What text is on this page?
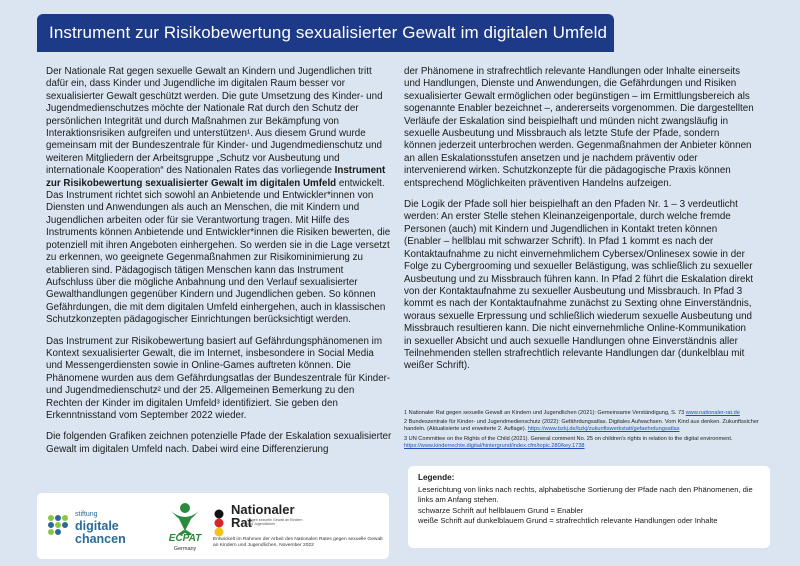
Instrument zur Risikobewertung sexualisierter Gewalt im digitalen Umfeld

Der Nationale Rat gegen sexuelle Gewalt an Kindern und Jugendlichen tritt dafür ein, dass Kinder und Jugendliche im digitalen Raum besser vor sexualisierter Gewalt geschützt werden. Die gute Umsetzung des Kinder- und Jugendmedienschutzes möchte der Nationale Rat durch den Schutz der persönlichen Integrität und durch Maßnahmen zur Bekämpfung von Interaktionsrisiken aufgreifen und unterstützen¹. Aus diesem Grund wurde gemeinsam mit der Bundeszentrale für Kinder- und Jugendmedienschutz und weiteren Mitgliedern der Arbeitsgruppe „Schutz vor Ausbeutung und internationale Kooperation“ des Nationalen Rates das vorliegende Instrument zur Risikobewertung sexualisierter Gewalt im digitalen Umfeld entwickelt. Das Instrument richtet sich sowohl an Anbietende und Entwickler*innen von Diensten und Anwendungen als auch an Menschen, die mit Kindern und Jugendlichen arbeiten oder für sie Verantwortung tragen. Mit Hilfe des Instruments können Anbietende und Entwickler*innen die Risiken bewerten, die potenziell mit ihren Angeboten einhergehen. So werden sie in die Lage versetzt zu erkennen, wo geeignete Gegenmaßnahmen zur Risikominimierung zu etablieren sind. Pädagogisch tätigen Menschen kann das Instrument Aufschluss über die mögliche Anbahnung und den Verlauf sexualisierter Gewalthandlungen gegenüber Kindern und Jugendlichen geben. So können Gefährdungen, die mit dem digitalen Umfeld einhergehen, auch in klassischen Schutzkonzepten pädagogischer Einrichtungen berücksichtigt werden.

Das Instrument zur Risikobewertung basiert auf Gefährdungsphänomenen im Kontext sexualisierter Gewalt, die im Internet, insbesondere in Social Media und Messengerdiensten sowie in Online-Games auftreten können. Die Phänomene wurden aus dem Gefährdungsatlas der Bundeszentrale für Kinder- und Jugendmedienschutz² und der 25. Allgemeinen Bemerkung zu den Rechten der Kinder im digitalen Umfeld³ identifiziert. Sie geben den Erkenntnisstand vom September 2022 wieder.

Die folgenden Grafiken zeichnen potenzielle Pfade der Eskalation sexualisierter Gewalt im digitalen Umfeld nach. Dabei wird eine Differenzierung

der Phänomene in strafrechtlich relevante Handlungen oder Inhalte einerseits und Handlungen, Dienste und Anwendungen, die Gefährdungen und Risiken sexualisierter Gewalt ermöglichen oder begünstigen – im Ermittlungsbereich als sogenannte Enabler bezeichnet –, andererseits vorgenommen. Die dargestellten Verläufe der Eskalation sind beispielhaft und münden nicht zwangsläufig in sexuelle Ausbeutung und Missbrauch als letzte Stufe der Pfade, sondern können jederzeit unterbrochen werden. Gegenmaßnahmen der Anbieter können an allen Eskalationsstufen ansetzen und je nachdem präventiv oder intervenierend wirken. Schutzkonzepte für die pädagogische Praxis können entsprechend Möglichkeiten präventiven Handelns aufzeigen.

Die Logik der Pfade soll hier beispielhaft an den Pfaden Nr. 1 – 3 verdeutlicht werden: An erster Stelle stehen Kleinanzeigenportale, durch welche fremde Personen (auch) mit Kindern und Jugendlichen in Kontakt treten können (Enabler – hellblau mit schwarzer Schrift). In Pfad 1 kommt es nach der Kontaktaufnahme zu nicht einvernehmlichem Cybersex/Onlinesex sowie in der Folge zu Cybergrooming und sexueller Belästigung, was schließlich zu sexueller Ausbeutung und zu Missbrauch führen kann. In Pfad 2 führt die Eskalation direkt von der Kontaktaufnahme zu sexueller Ausbeutung und Missbrauch. In Pfad 3 kommt es nach der Kontaktaufnahme zunächst zu Sexting ohne Einverständnis, woraus sexuelle Erpressung und schließlich wiederum sexuelle Ausbeutung und Missbrauch resultieren kann. Die nicht einvernehmliche Online-Kommunikation in sexueller Absicht und auch sexuelle Handlungen ohne Einverständnis aller Teilnehmenden stellen strafrechtlich relevante Handlungen dar (dunkelblau mit weißer Schrift).

1 Nationaler Rat gegen sexuelle Gewalt an Kindern und Jugendlichen (2021): Gemeinsame Verständigung, S. 73 www.nationaler-rat.de
2 Bundeszentrale für Kinder- und Jugendmedienschutz (2022): Gefährdungsatlas. Digitales Aufwachsen. Vom Kind aus denken. Zukunftssicher handeln. (Aktualisierte und erweiterte 2. Auflage). https://www.bzkj.de/bzkj/zukunftswerkstatt/gefaehrdungsatlas
3 UN Committee on the Rights of the Child (2021). General comment No. 25 on children's rights in relation to the digital environment. https://www.kinderrechte.digital/hintergrund/index.cfm/topic.280/key.1738
Legende:
Leserichtung von links nach rechts, alphabetische Sortierung der Pfade nach den Phänomenen, die links am Anfang stehen.
schwarze Schrift auf hellblauem Grund = Enabler
weiße Schrift auf dunkelblauem Grund = strafrechtlich relevante Handlungen oder Inhalte
stiftung
digitale
chancen	ECPAT
Germany
Nationaler
Rat
Gegen sexuelle Gewalt an Kindern und Jugendlichen
Entwickelt im Rahmen der Arbeit des Nationalen Rates gegen sexuelle Gewalt an Kindern und Jugendlichen, November 2022
